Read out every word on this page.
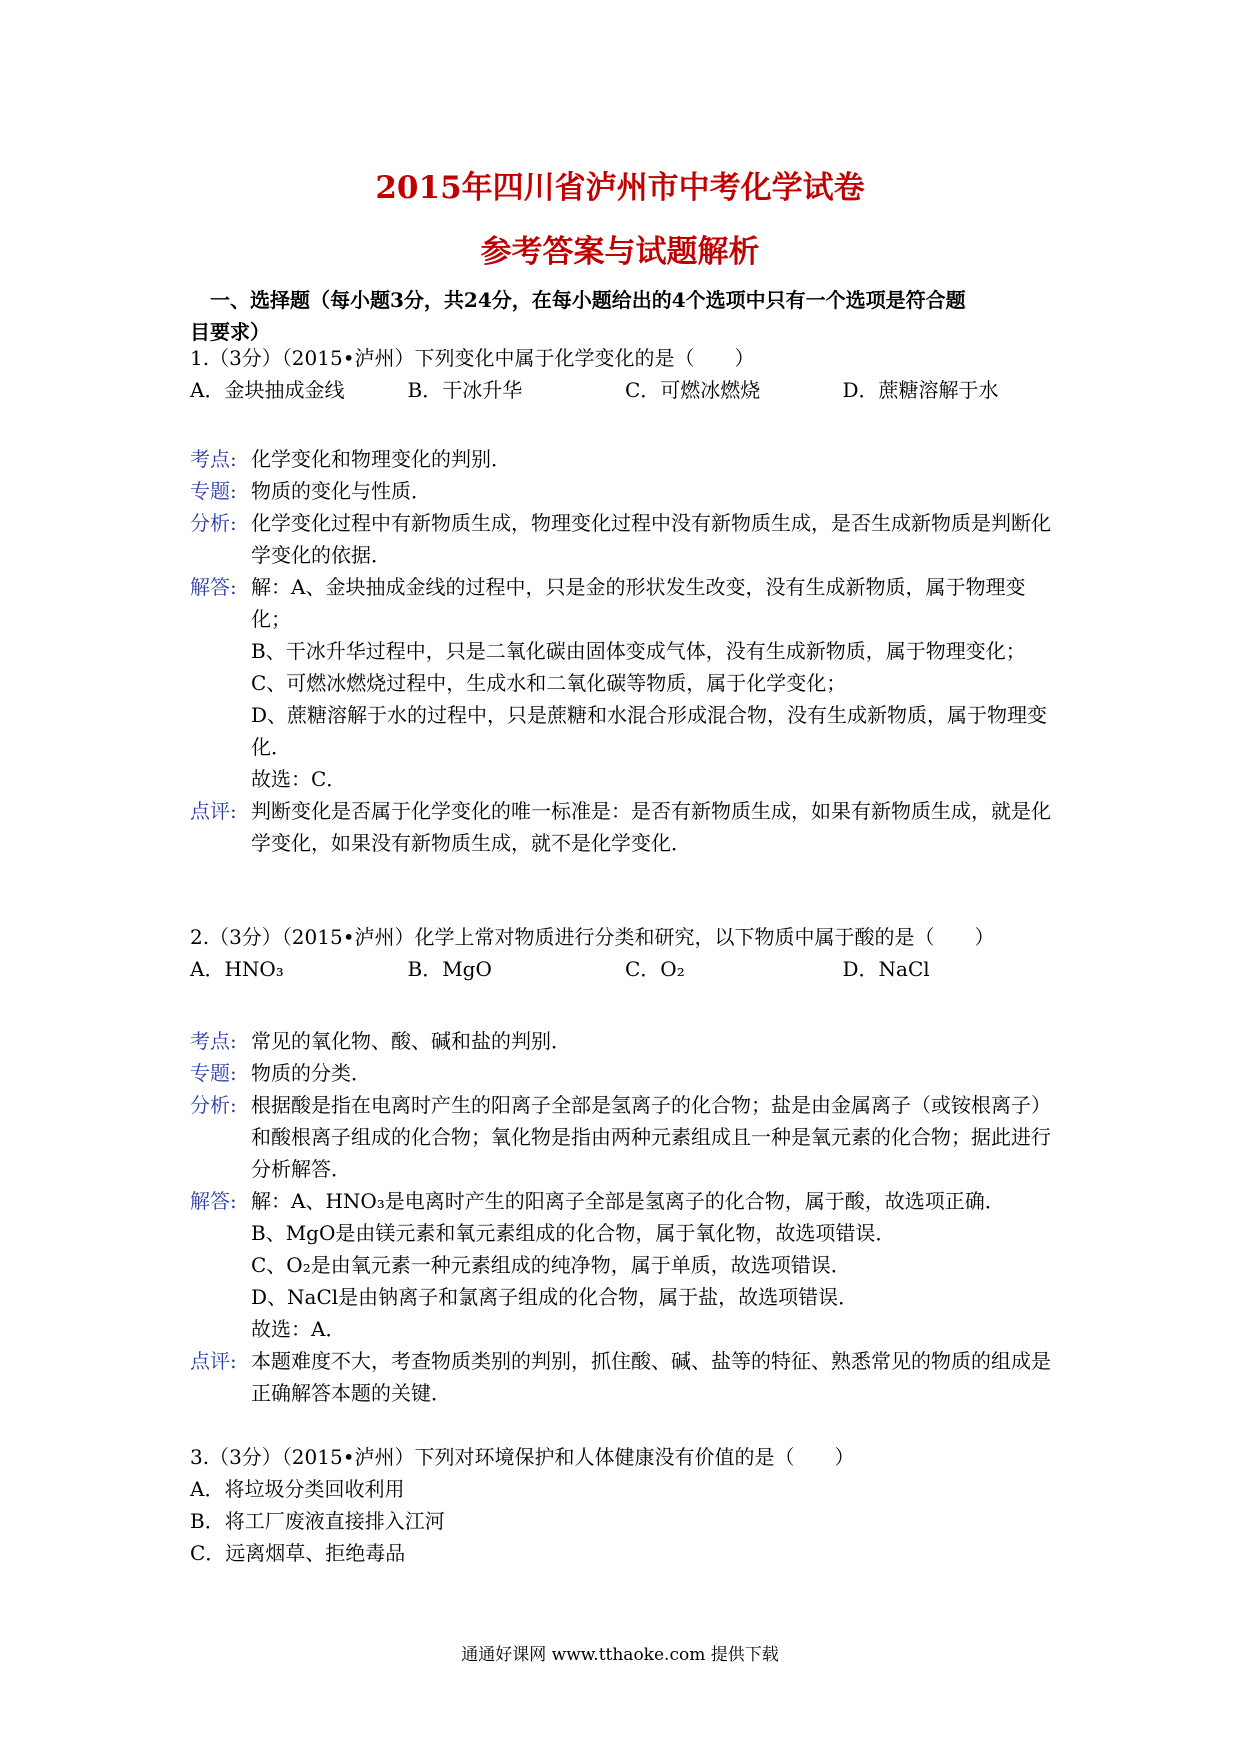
2015年四川省泸州市中考化学试卷
参考答案与试题解析
一、选择题（每小题3分，共24分，在每小题给出的4个选项中只有一个选项是符合题
目要求）
1.（3分）（2015•泸州）下列变化中属于化学变化的是（　　）
A．金块抽成金线	B．干冰升华	C．可燃冰燃烧	D．蔗糖溶解于水
考点: 化学变化和物理变化的判别．
专题: 物质的变化与性质．
分析: 化学变化过程中有新物质生成，物理变化过程中没有新物质生成，是否生成新物质是判断化学变化的依据．
解答: 解：A、金块抽成金线的过程中，只是金的形状发生改变，没有生成新物质，属于物理变化；

B、干冰升华过程中，只是二氧化碳由固体变成气体，没有生成新物质，属于物理变化；

C、可燃冰燃烧过程中，生成水和二氧化碳等物质，属于化学变化；

D、蔗糖溶解于水的过程中，只是蔗糖和水混合形成混合物，没有生成新物质，属于物理变化．

故选：C．

点评: 判断变化是否属于化学变化的唯一标准是：是否有新物质生成，如果有新物质生成，就是化学变化，如果没有新物质生成，就不是化学变化．
2.（3分）（2015•泸州）化学上常对物质进行分类和研究，以下物质中属于酸的是（　　）
A．HNO₃	B．MgO	C．O₂	D．NaCl
考点: 常见的氧化物、酸、碱和盐的判别．
专题: 物质的分类．
分析: 根据酸是指在电离时产生的阳离子全部是氢离子的化合物；盐是由金属离子（或铵根离子）和酸根离子组成的化合物；氧化物是指由两种元素组成且一种是氧元素的化合物；据此进行分析解答．
解答: 解：A、HNO₃是电离时产生的阳离子全部是氢离子的化合物，属于酸，故选项正确．

B、MgO是由镁元素和氧元素组成的化合物，属于氧化物，故选项错误．

C、O₂是由氧元素一种元素组成的纯净物，属于单质，故选项错误．

D、NaCl是由钠离子和氯离子组成的化合物，属于盐，故选项错误．

故选：A．

点评: 本题难度不大，考查物质类别的判别，抓住酸、碱、盐等的特征、熟悉常见的物质的组成是正确解答本题的关键．
3.（3分）（2015•泸州）下列对环境保护和人体健康没有价值的是（　　）
A．将垃圾分类回收利用
B．将工厂废液直接排入江河
C．远离烟草、拒绝毒品
通通好课网 www.tthaoke.com 提供下载
